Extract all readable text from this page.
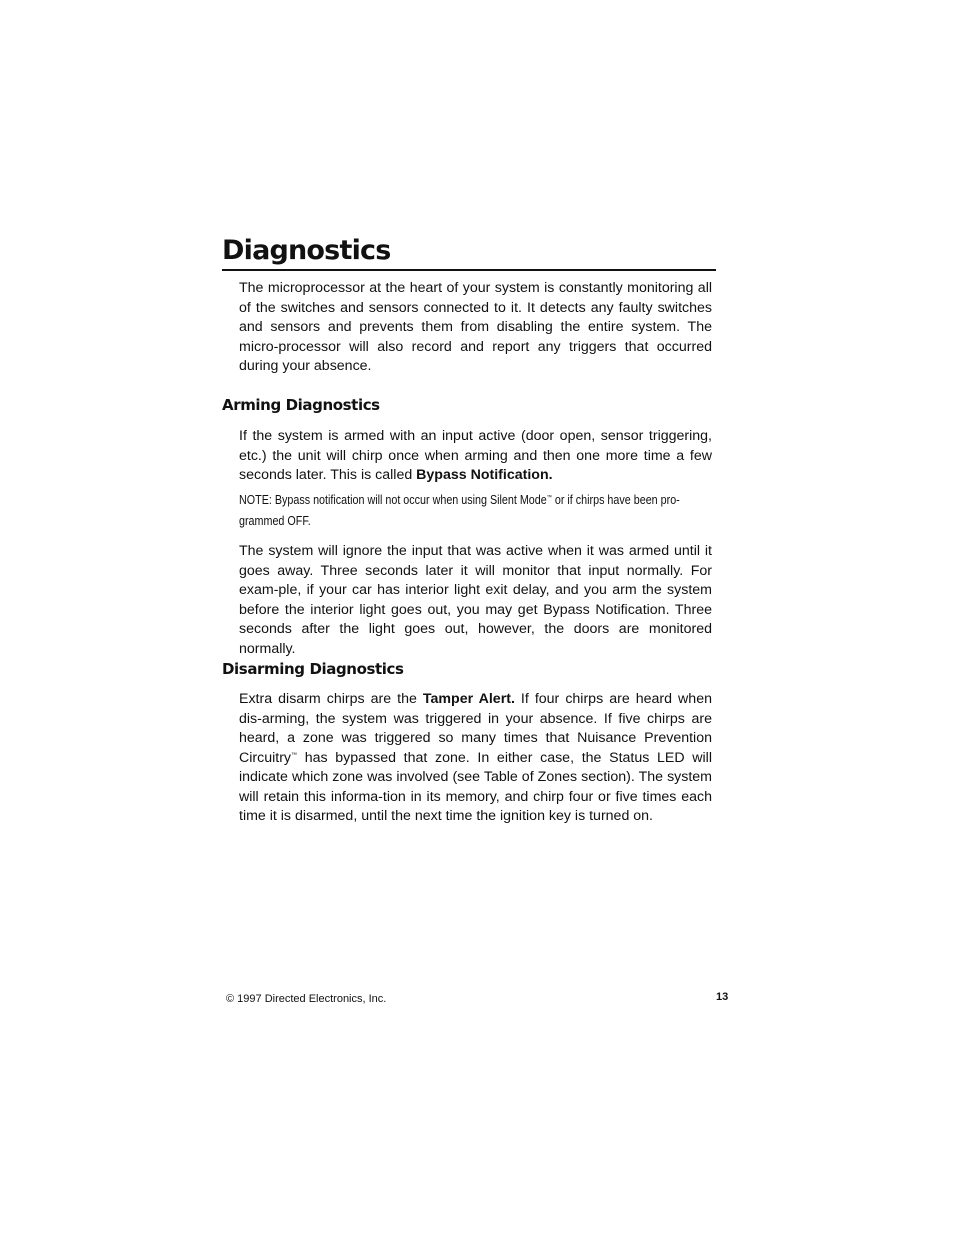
Diagnostics

The microprocessor at the heart of your system is constantly monitoring all of the switches and sensors connected to it. It detects any faulty switches and sensors and prevents them from disabling the entire system. The micro-processor will also record and report any triggers that occurred during your absence.

Arming Diagnostics

If the system is armed with an input active (door open, sensor triggering, etc.) the unit will chirp once when arming and then one more time a few seconds later. This is called Bypass Notification.

NOTE: Bypass notification will not occur when using Silent Mode™ or if chirps have been pro-grammed OFF.

The system will ignore the input that was active when it was armed until it goes away. Three seconds later it will monitor that input normally. For exam-ple, if your car has interior light exit delay, and you arm the system before the interior light goes out, you may get Bypass Notification. Three seconds after the light goes out, however, the doors are monitored normally.

Disarming Diagnostics

Extra disarm chirps are the Tamper Alert. If four chirps are heard when dis-arming, the system was triggered in your absence. If five chirps are heard, a zone was triggered so many times that Nuisance Prevention Circuitry™ has bypassed that zone. In either case, the Status LED will indicate which zone was involved (see Table of Zones section). The system will retain this informa-tion in its memory, and chirp four or five times each time it is disarmed, until the next time the ignition key is turned on.

© 1997 Directed Electronics, Inc.	13
